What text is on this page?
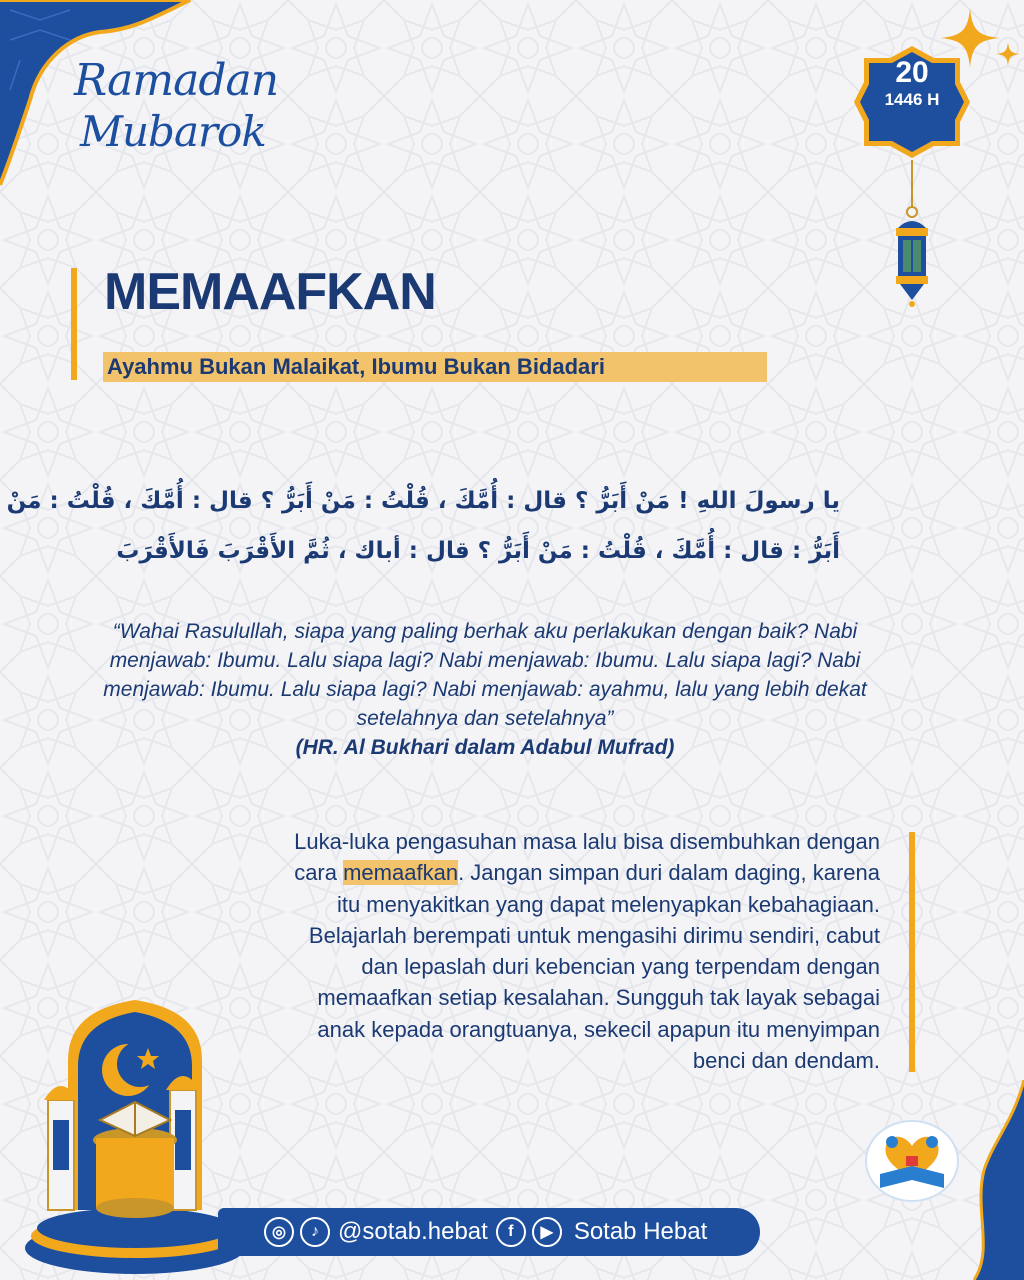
Ramadan
Mubarok
20
1446 H
MEMAAFKAN
Ayahmu Bukan Malaikat, Ibumu Bukan Bidadari
يا رسولَ اللهِ ! مَنْ أَبَرُّ ؟ قال : أُمَّكَ ، قُلْتُ : مَنْ أَبَرُّ ؟ قال : أُمَّكَ ، قُلْتُ : مَنْ
أَبَرُّ : قال : أُمَّكَ ، قُلْتُ : مَنْ أَبَرُّ ؟ قال : أباك ، ثُمَّ الأَقْرَبَ فَالأَقْرَبَ
“Wahai Rasulullah, siapa yang paling berhak aku perlakukan dengan baik? Nabi menjawab: Ibumu. Lalu siapa lagi? Nabi menjawab: Ibumu. Lalu siapa lagi? Nabi menjawab: Ibumu. Lalu siapa lagi? Nabi menjawab: ayahmu, lalu yang lebih dekat setelahnya dan setelahnya”
(HR. Al Bukhari dalam Adabul Mufrad)
Luka-luka pengasuhan masa lalu bisa disembuhkan dengan
cara memaafkan. Jangan simpan duri dalam daging, karena
itu menyakitkan yang dapat melenyapkan kebahagiaan.
Belajarlah berempati untuk mengasihi dirimu sendiri, cabut
dan lepaslah duri kebencian yang terpendam dengan
memaafkan setiap kesalahan. Sungguh tak layak sebagai
anak kepada orangtuanya, sekecil apapun itu menyimpan
benci dan dendam.
◎	♪ @sotab.hebat	f	▶ Sotab Hebat
